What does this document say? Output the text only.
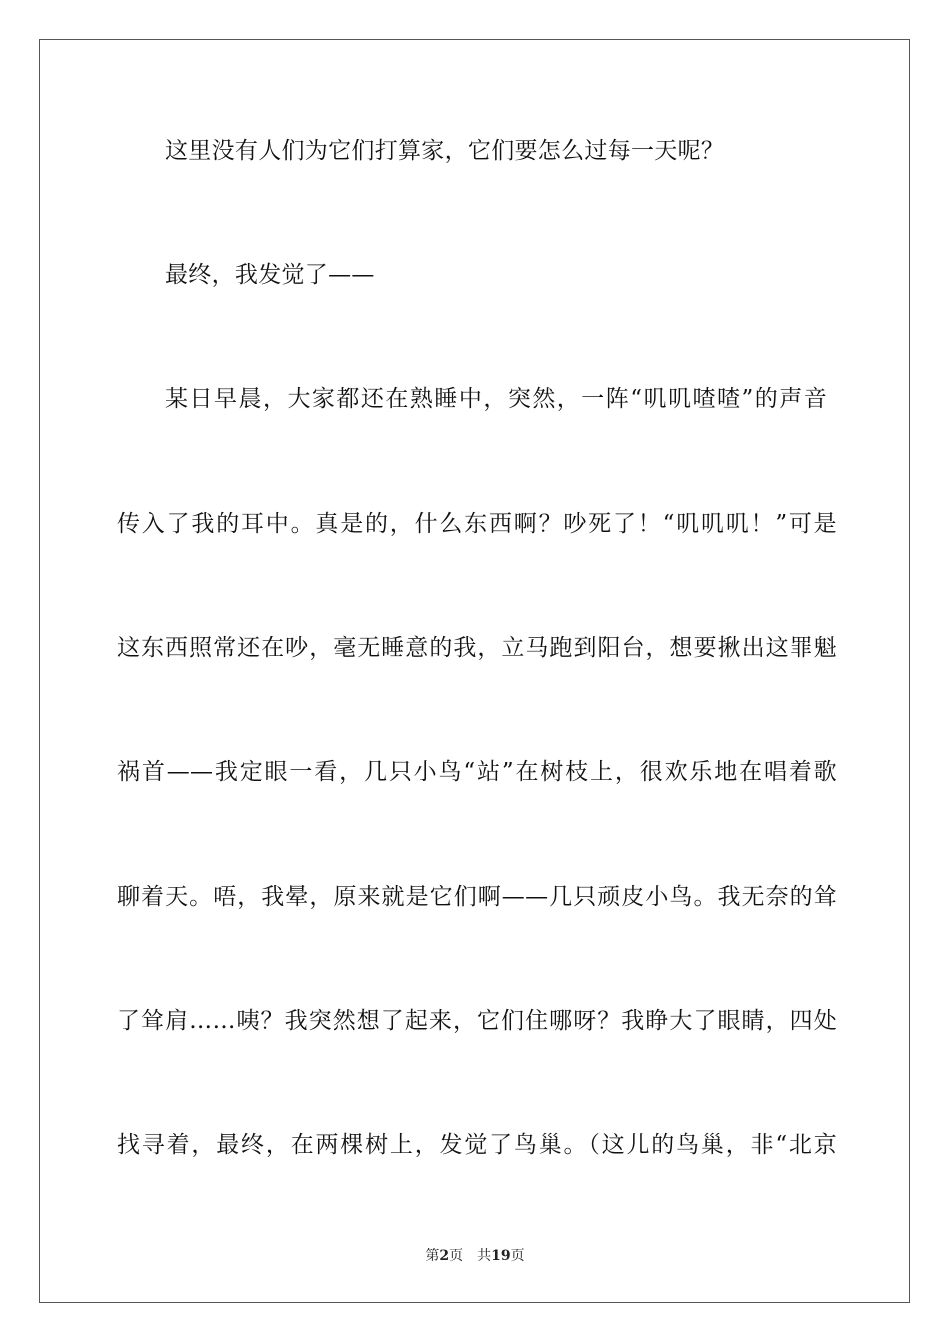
这里没有人们为它们打算家，它们要怎么过每一天呢？
最终，我发觉了——
某日早晨，大家都还在熟睡中，突然，一阵“叽叽喳喳”的声音
传入了我的耳中。真是的，什么东西啊？吵死了！“叽叽叽！”可是
这东西照常还在吵，毫无睡意的我，立马跑到阳台，想要揪出这罪魁
祸首——我定眼一看，几只小鸟“站”在树枝上，很欢乐地在唱着歌
聊着天。唔，我晕，原来就是它们啊——几只顽皮小鸟。我无奈的耸
了耸肩……咦？我突然想了起来，它们住哪呀？我睁大了眼睛，四处
找寻着，最终，在两棵树上，发觉了鸟巢。（这儿的鸟巢，非“北京
第2页 共19页
